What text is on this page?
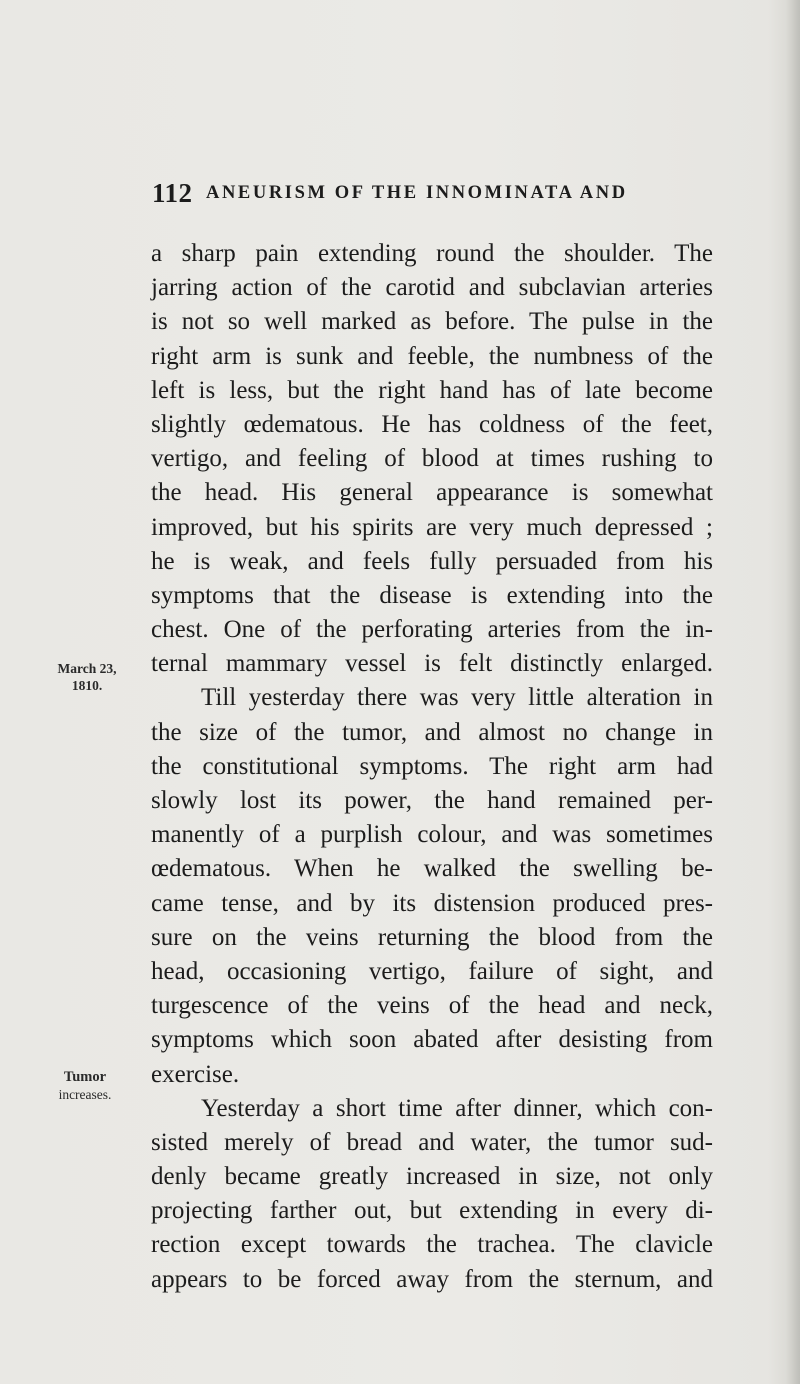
112 ANEURISM OF THE INNOMINATA AND
March 23,
1810.
Tumor
increases.
a sharp pain extending round the shoulder. The
jarring action of the carotid and subclavian arteries
is not so well marked as before. The pulse in the
right arm is sunk and feeble, the numbness of the
left is less, but the right hand has of late become
slightly œdematous. He has coldness of the feet,
vertigo, and feeling of blood at times rushing to
the head. His general appearance is somewhat
improved, but his spirits are very much depressed ;
he is weak, and feels fully persuaded from his
symptoms that the disease is extending into the
chest. One of the perforating arteries from the in-
ternal mammary vessel is felt distinctly enlarged.
Till yesterday there was very little alteration in
the size of the tumor, and almost no change in
the constitutional symptoms. The right arm had
slowly lost its power, the hand remained per-
manently of a purplish colour, and was sometimes
œdematous. When he walked the swelling be-
came tense, and by its distension produced pres-
sure on the veins returning the blood from the
head, occasioning vertigo, failure of sight, and
turgescence of the veins of the head and neck,
symptoms which soon abated after desisting from
exercise.
Yesterday a short time after dinner, which con-
sisted merely of bread and water, the tumor sud-
denly became greatly increased in size, not only
projecting farther out, but extending in every di-
rection except towards the trachea. The clavicle
appears to be forced away from the sternum, and
